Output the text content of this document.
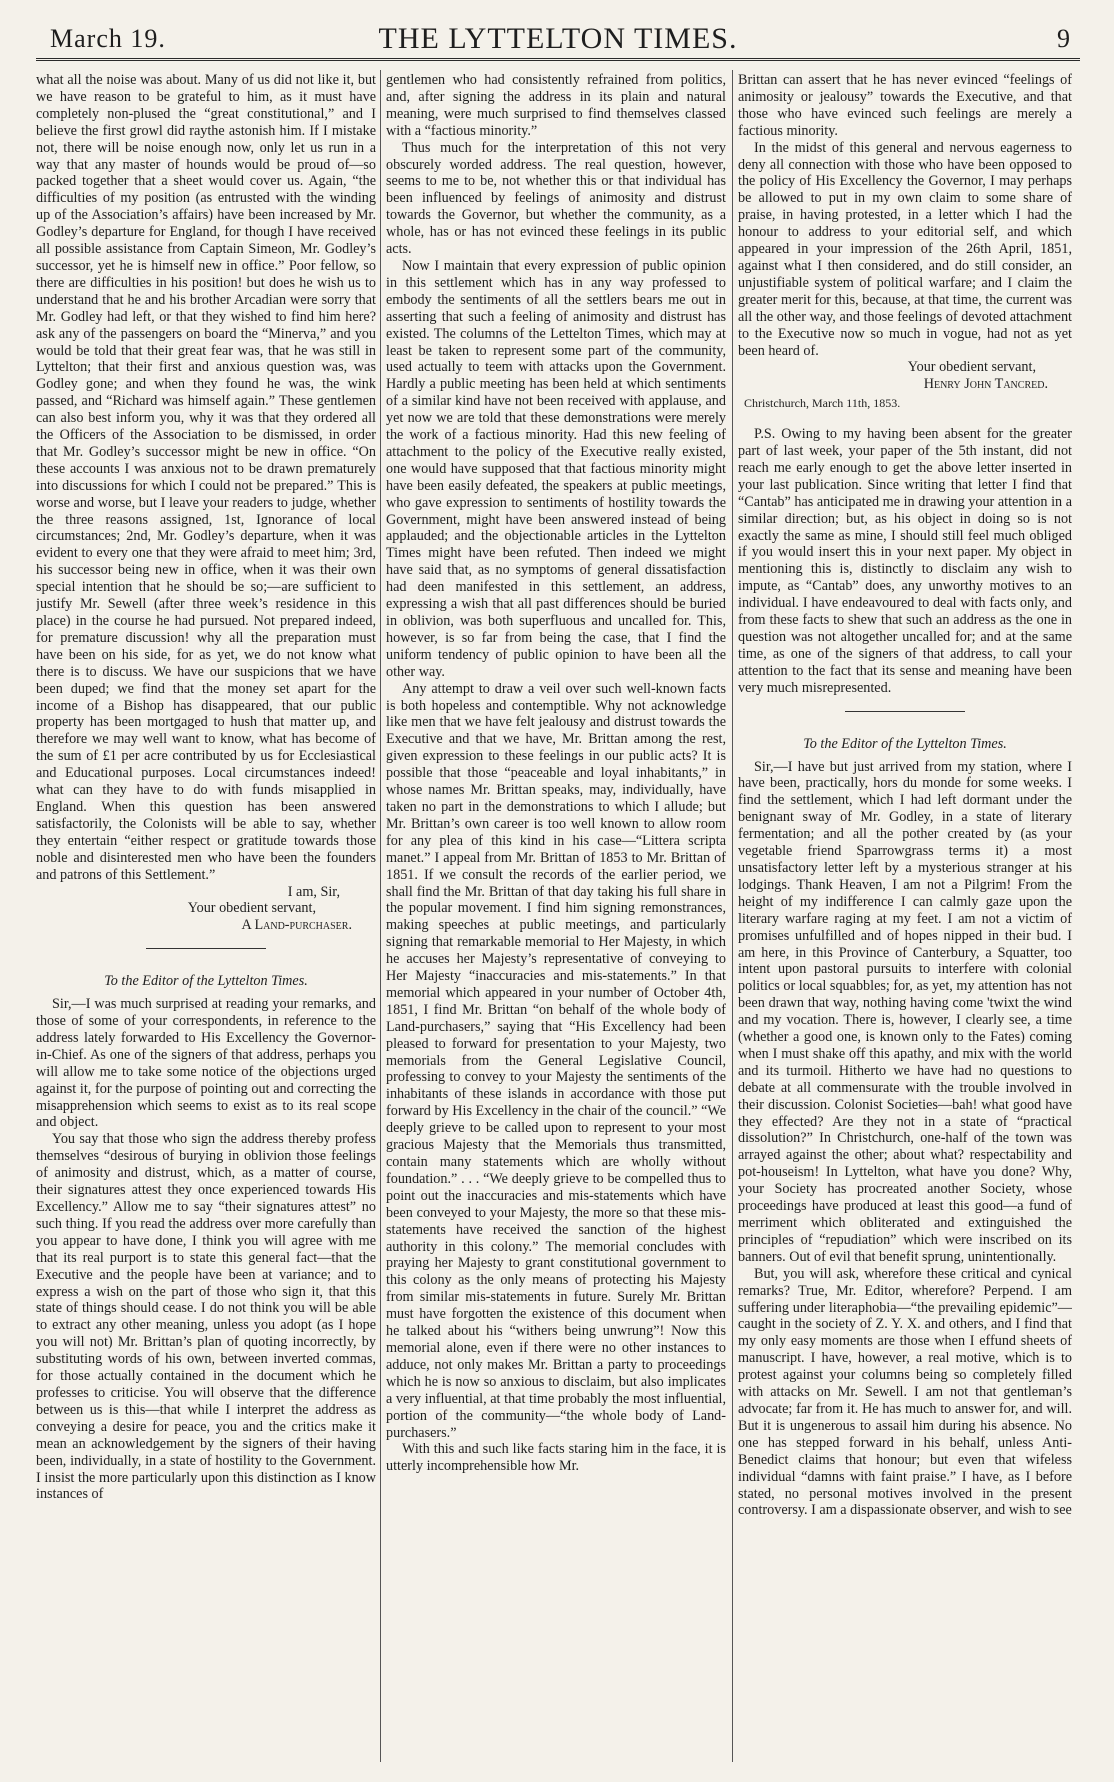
March 19.	THE LYTTELTON TIMES.	9

what all the noise was about. Many of us did not like it, but we have reason to be grateful to him, as it must have completely non-plused the “great constitutional,” and I believe the first growl did raythe astonish him. If I mistake not, there will be noise enough now, only let us run in a way that any master of hounds would be proud of—so packed together that a sheet would cover us. Again, “the difficulties of my position (as entrusted with the winding up of the Association’s affairs) have been increased by Mr. Godley’s departure for England, for though I have received all possible assistance from Captain Simeon, Mr. Godley’s successor, yet he is himself new in office.” Poor fellow, so there are difficulties in his position! but does he wish us to understand that he and his brother Arcadian were sorry that Mr. Godley had left, or that they wished to find him here? ask any of the passengers on board the “Minerva,” and you would be told that their great fear was, that he was still in Lyttelton; that their first and anxious question was, was Godley gone; and when they found he was, the wink passed, and “Richard was himself again.” These gentlemen can also best inform you, why it was that they ordered all the Officers of the Association to be dismissed, in order that Mr. Godley’s successor might be new in office. “On these accounts I was anxious not to be drawn prematurely into discussions for which I could not be prepared.” This is worse and worse, but I leave your readers to judge, whether the three reasons assigned, 1st, Ignorance of local circumstances; 2nd, Mr. Godley’s departure, when it was evident to every one that they were afraid to meet him; 3rd, his successor being new in office, when it was their own special intention that he should be so;—are sufficient to justify Mr. Sewell (after three week’s residence in this place) in the course he had pursued. Not prepared indeed, for premature discussion! why all the preparation must have been on his side, for as yet, we do not know what there is to discuss. We have our suspicions that we have been duped; we find that the money set apart for the income of a Bishop has disappeared, that our public property has been mortgaged to hush that matter up, and therefore we may well want to know, what has become of the sum of £1 per acre contributed by us for Ecclesiastical and Educational purposes. Local circumstances indeed! what can they have to do with funds misapplied in England. When this question has been answered satisfactorily, the Colonists will be able to say, whether they entertain “either respect or gratitude towards those noble and disinterested men who have been the founders and patrons of this Settlement.”

I am, Sir,

Your obedient servant,

A Land-purchaser.

To the Editor of the Lyttelton Times.

Sir,—I was much surprised at reading your remarks, and those of some of your correspondents, in reference to the address lately forwarded to His Excellency the Governor-in-Chief. As one of the signers of that address, perhaps you will allow me to take some notice of the objections urged against it, for the purpose of pointing out and correcting the misapprehension which seems to exist as to its real scope and object.

You say that those who sign the address thereby profess themselves “desirous of burying in oblivion those feelings of animosity and distrust, which, as a matter of course, their signatures attest they once experienced towards His Excellency.” Allow me to say “their signatures attest” no such thing. If you read the address over more carefully than you appear to have done, I think you will agree with me that its real purport is to state this general fact—that the Executive and the people have been at variance; and to express a wish on the part of those who sign it, that this state of things should cease. I do not think you will be able to extract any other meaning, unless you adopt (as I hope you will not) Mr. Brittan’s plan of quoting incorrectly, by substituting words of his own, between inverted commas, for those actually contained in the document which he professes to criticise. You will observe that the difference between us is this—that while I interpret the address as conveying a desire for peace, you and the critics make it mean an acknowledgement by the signers of their having been, individually, in a state of hostility to the Government. I insist the more particularly upon this distinction as I know instances of

gentlemen who had consistently refrained from politics, and, after signing the address in its plain and natural meaning, were much surprised to find themselves classed with a “factious minority.”

Thus much for the interpretation of this not very obscurely worded address. The real question, however, seems to me to be, not whether this or that individual has been influenced by feelings of animosity and distrust towards the Governor, but whether the community, as a whole, has or has not evinced these feelings in its public acts.

Now I maintain that every expression of public opinion in this settlement which has in any way professed to embody the sentiments of all the settlers bears me out in asserting that such a feeling of animosity and distrust has existed. The columns of the Lettelton Times, which may at least be taken to represent some part of the community, used actually to teem with attacks upon the Government. Hardly a public meeting has been held at which sentiments of a similar kind have not been received with applause, and yet now we are told that these demonstrations were merely the work of a factious minority. Had this new feeling of attachment to the policy of the Executive really existed, one would have supposed that that factious minority might have been easily defeated, the speakers at public meetings, who gave expression to sentiments of hostility towards the Government, might have been answered instead of being applauded; and the objectionable articles in the Lyttelton Times might have been refuted. Then indeed we might have said that, as no symptoms of general dissatisfaction had deen manifested in this settlement, an address, expressing a wish that all past differences should be buried in oblivion, was both superfluous and uncalled for. This, however, is so far from being the case, that I find the uniform tendency of public opinion to have been all the other way.

Any attempt to draw a veil over such well-known facts is both hopeless and contemptible. Why not acknowledge like men that we have felt jealousy and distrust towards the Executive and that we have, Mr. Brittan among the rest, given expression to these feelings in our public acts? It is possible that those “peaceable and loyal inhabitants,” in whose names Mr. Brittan speaks, may, individually, have taken no part in the demonstrations to which I allude; but Mr. Brittan’s own career is too well known to allow room for any plea of this kind in his case—“Littera scripta manet.” I appeal from Mr. Brittan of 1853 to Mr. Brittan of 1851. If we consult the records of the earlier period, we shall find the Mr. Brittan of that day taking his full share in the popular movement. I find him signing remonstrances, making speeches at public meetings, and particularly signing that remarkable memorial to Her Majesty, in which he accuses her Majesty’s representative of conveying to Her Majesty “inaccuracies and mis-statements.” In that memorial which appeared in your number of October 4th, 1851, I find Mr. Brittan “on behalf of the whole body of Land-purchasers,” saying that “His Excellency had been pleased to forward for presentation to your Majesty, two memorials from the General Legislative Council, professing to convey to your Majesty the sentiments of the inhabitants of these islands in accordance with those put forward by His Excellency in the chair of the council.” “We deeply grieve to be called upon to represent to your most gracious Majesty that the Memorials thus transmitted, contain many statements which are wholly without foundation.” . . . “We deeply grieve to be compelled thus to point out the inaccuracies and mis-statements which have been conveyed to your Majesty, the more so that these mis-statements have received the sanction of the highest authority in this colony.” The memorial concludes with praying her Majesty to grant constitutional government to this colony as the only means of protecting his Majesty from similar mis-statements in future. Surely Mr. Brittan must have forgotten the existence of this document when he talked about his “withers being unwrung”! Now this memorial alone, even if there were no other instances to adduce, not only makes Mr. Brittan a party to proceedings which he is now so anxious to disclaim, but also implicates a very influential, at that time probably the most influential, portion of the community—“the whole body of Land-purchasers.”

With this and such like facts staring him in the face, it is utterly incomprehensible how Mr.

Brittan can assert that he has never evinced “feelings of animosity or jealousy” towards the Executive, and that those who have evinced such feelings are merely a factious minority.

In the midst of this general and nervous eagerness to deny all connection with those who have been opposed to the policy of His Excellency the Governor, I may perhaps be allowed to put in my own claim to some share of praise, in having protested, in a letter which I had the honour to address to your editorial self, and which appeared in your impression of the 26th April, 1851, against what I then considered, and do still consider, an unjustifiable system of political warfare; and I claim the greater merit for this, because, at that time, the current was all the other way, and those feelings of devoted attachment to the Executive now so much in vogue, had not as yet been heard of.

Your obedient servant,

Henry John Tancred.

Christchurch, March 11th, 1853.

P.S. Owing to my having been absent for the greater part of last week, your paper of the 5th instant, did not reach me early enough to get the above letter inserted in your last publication. Since writing that letter I find that “Cantab” has anticipated me in drawing your attention in a similar direction; but, as his object in doing so is not exactly the same as mine, I should still feel much obliged if you would insert this in your next paper. My object in mentioning this is, distinctly to disclaim any wish to impute, as “Cantab” does, any unworthy motives to an individual. I have endeavoured to deal with facts only, and from these facts to shew that such an address as the one in question was not altogether uncalled for; and at the same time, as one of the signers of that address, to call your attention to the fact that its sense and meaning have been very much misrepresented.

To the Editor of the Lyttelton Times.

Sir,—I have but just arrived from my station, where I have been, practically, hors du monde for some weeks. I find the settlement, which I had left dormant under the benignant sway of Mr. Godley, in a state of literary fermentation; and all the pother created by (as your vegetable friend Sparrowgrass terms it) a most unsatisfactory letter left by a mysterious stranger at his lodgings. Thank Heaven, I am not a Pilgrim! From the height of my indifference I can calmly gaze upon the literary warfare raging at my feet. I am not a victim of promises unfulfilled and of hopes nipped in their bud. I am here, in this Province of Canterbury, a Squatter, too intent upon pastoral pursuits to interfere with colonial politics or local squabbles; for, as yet, my attention has not been drawn that way, nothing having come 'twixt the wind and my vocation. There is, however, I clearly see, a time (whether a good one, is known only to the Fates) coming when I must shake off this apathy, and mix with the world and its turmoil. Hitherto we have had no questions to debate at all commensurate with the trouble involved in their discussion. Colonist Societies—bah! what good have they effected? Are they not in a state of “practical dissolution?” In Christchurch, one-half of the town was arrayed against the other; about what? respectability and pot-houseism! In Lyttelton, what have you done? Why, your Society has procreated another Society, whose proceedings have produced at least this good—a fund of merriment which obliterated and extinguished the principles of “repudiation” which were inscribed on its banners. Out of evil that benefit sprung, unintentionally.

But, you will ask, wherefore these critical and cynical remarks? True, Mr. Editor, wherefore? Perpend. I am suffering under literaphobia—“the prevailing epidemic”—caught in the society of Z. Y. X. and others, and I find that my only easy moments are those when I effund sheets of manuscript. I have, however, a real motive, which is to protest against your columns being so completely filled with attacks on Mr. Sewell. I am not that gentleman’s advocate; far from it. He has much to answer for, and will. But it is ungenerous to assail him during his absence. No one has stepped forward in his behalf, unless Anti-Benedict claims that honour; but even that wifeless individual “damns with faint praise.” I have, as I before stated, no personal motives involved in the present controversy. I am a dispassionate observer, and wish to see
